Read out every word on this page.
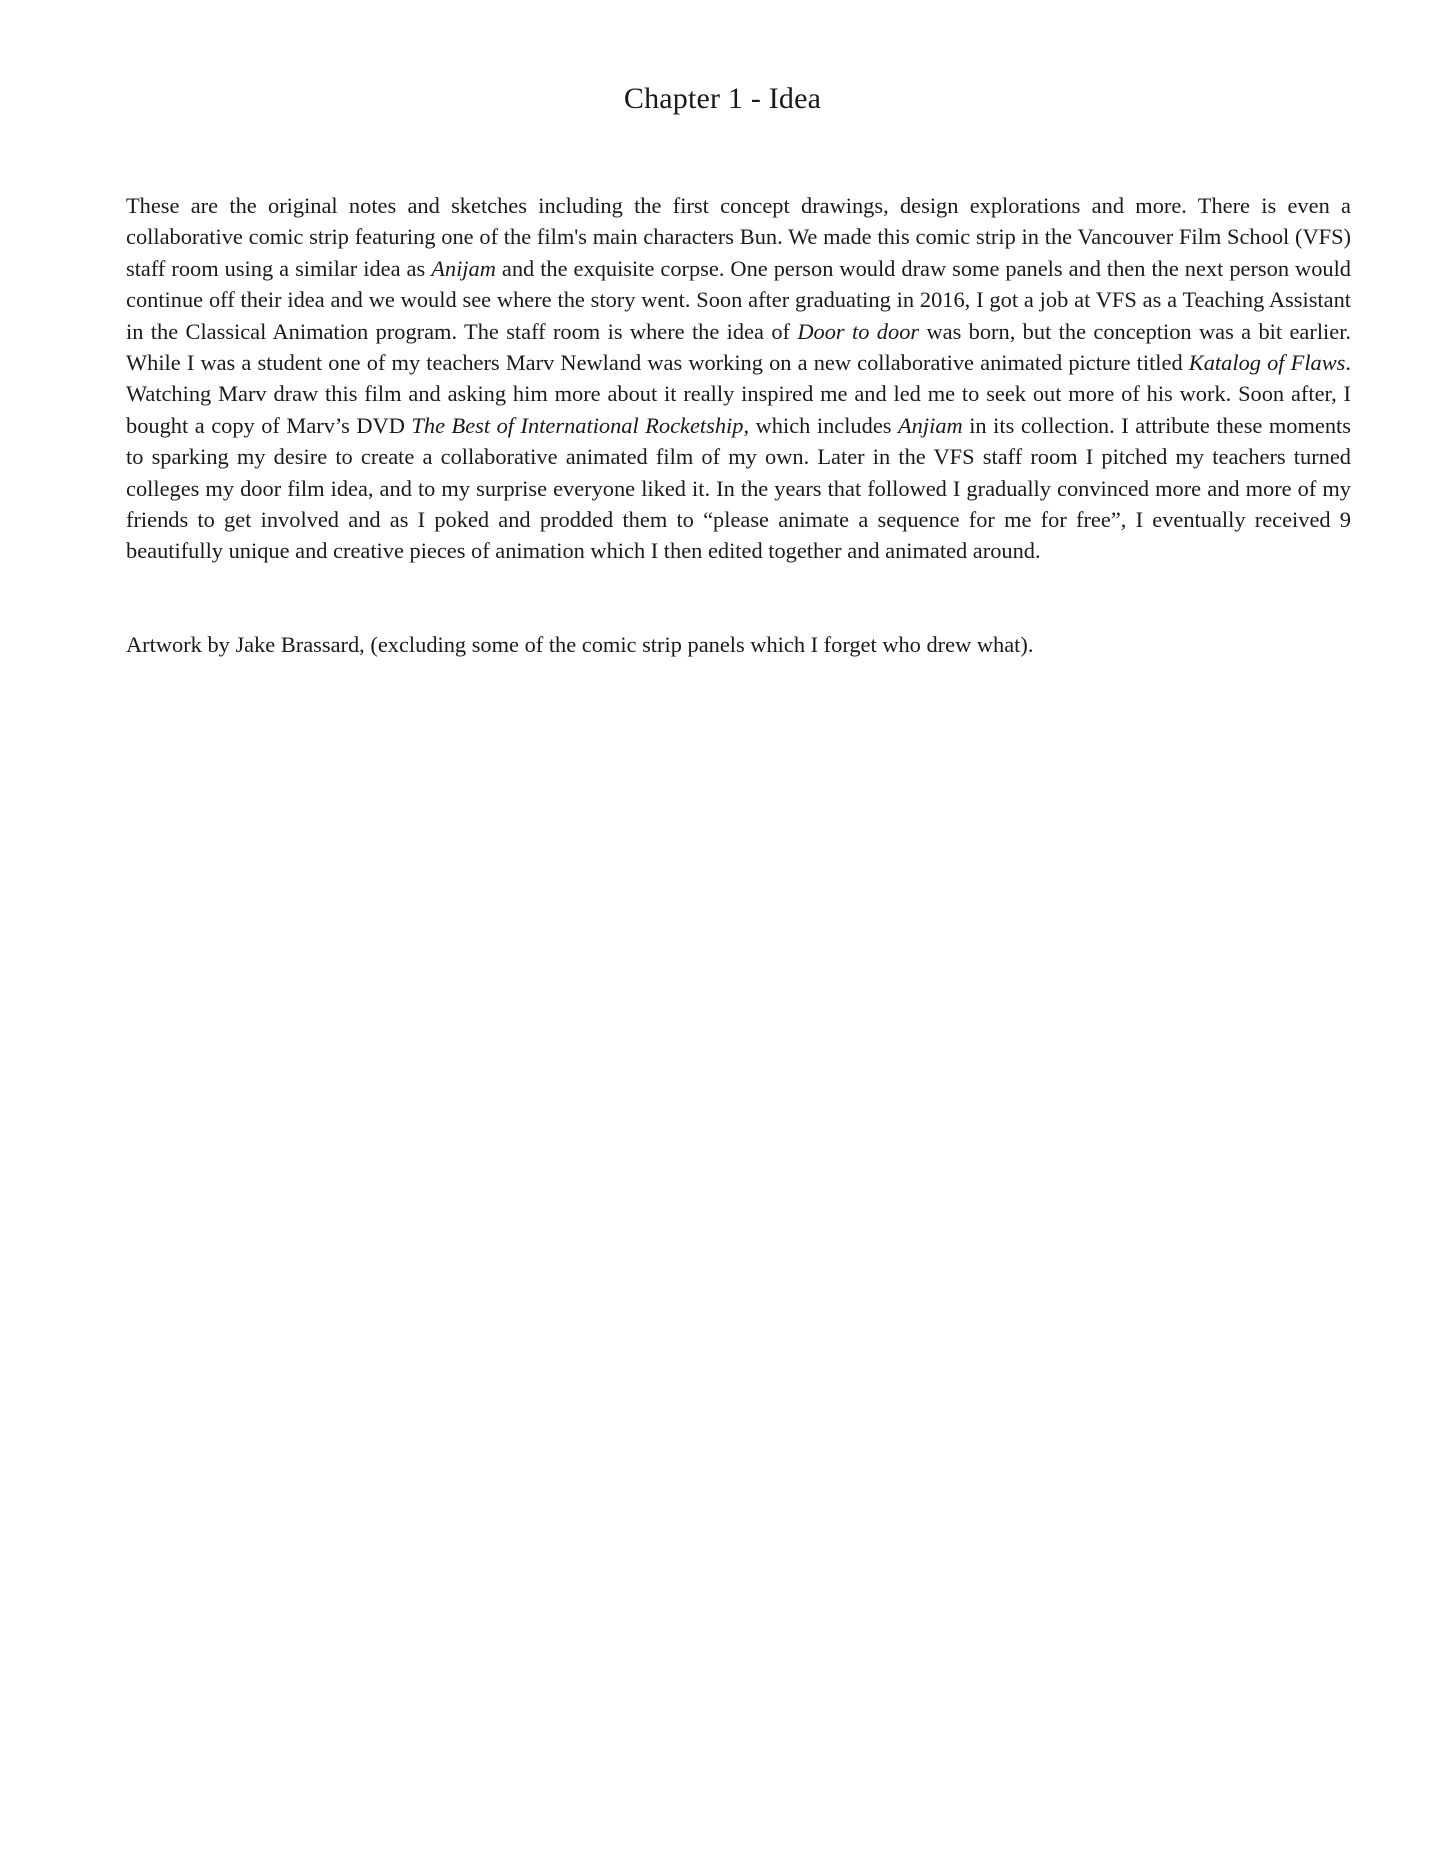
Chapter 1 - Idea

These are the original notes and sketches including the first concept drawings, design explorations and more. There is even a collaborative comic strip featuring one of the film's main characters Bun. We made this comic strip in the Vancouver Film School (VFS) staff room using a similar idea as Anijam and the exquisite corpse. One person would draw some panels and then the next person would continue off their idea and we would see where the story went. Soon after graduating in 2016, I got a job at VFS as a Teaching Assistant in the Classical Animation program. The staff room is where the idea of Door to door was born, but the conception was a bit earlier. While I was a student one of my teachers Marv Newland was working on a new collaborative animated picture titled Katalog of Flaws. Watching Marv draw this film and asking him more about it really inspired me and led me to seek out more of his work. Soon after, I bought a copy of Marv’s DVD The Best of International Rocketship, which includes Anjiam in its collection. I attribute these moments to sparking my desire to create a collaborative animated film of my own. Later in the VFS staff room I pitched my teachers turned colleges my door film idea, and to my surprise everyone liked it. In the years that followed I gradually convinced more and more of my friends to get involved and as I poked and prodded them to “please animate a sequence for me for free”, I eventually received 9 beautifully unique and creative pieces of animation which I then edited together and animated around.

Artwork by Jake Brassard, (excluding some of the comic strip panels which I forget who drew what).
